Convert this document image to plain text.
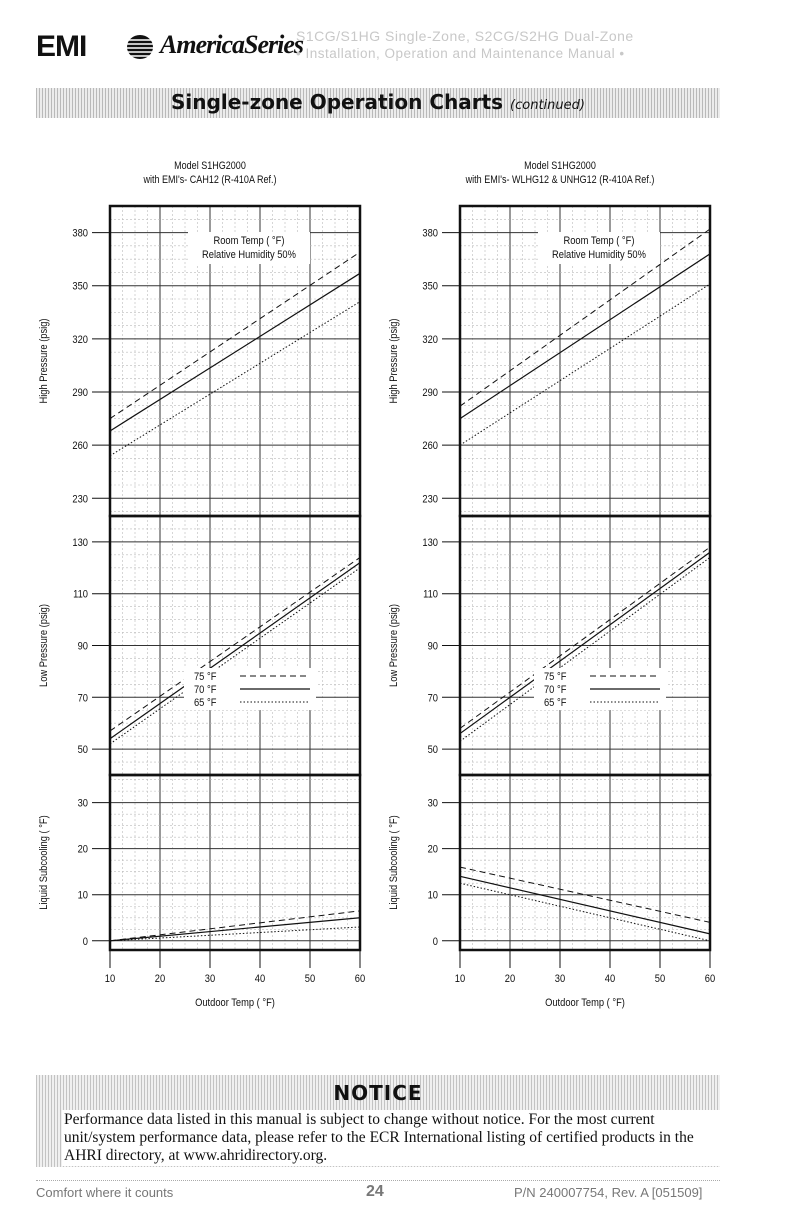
EMI	AmericaSeries
S1CG/S1HG Single-Zone, S2CG/S2HG Dual-Zone
• Installation, Operation and Maintenance Manual •
Single-zone Operation Charts (continued)
Model S1HG2000
with EMI's- CAH12 (R-410A Ref.)
230
260
290
320
350
380
High Pressure (psig)
50
70
90
110
130
Low Pressure (psig)
0
10
20
30
Liquid Subcooling ( °F)
Room Temp ( °F)
Relative Humidity 50%
75 °F
70 °F
65 °F
10	20	30	40	50	60
Outdoor Temp ( °F)
Model S1HG2000
with EMI's- WLHG12 & UNHG12 (R-410A Ref.)
230
260
290
320
350
380
High Pressure (psig)
50
70
90
110
130
Low Pressure (psig)
0
10
20
30
Liquid Subcooling ( °F)
Room Temp ( °F)
Relative Humidity 50%
75 °F
70 °F
65 °F
10	20	30	40	50	60
Outdoor Temp ( °F)
NOTICE
Performance data listed in this manual is subject to change without notice. For the most current unit/system performance data, please refer to the ECR International listing of certified products in the AHRI directory, at www.ahridirectory.org.
Comfort where it counts	24	P/N 240007754, Rev. A [051509]
